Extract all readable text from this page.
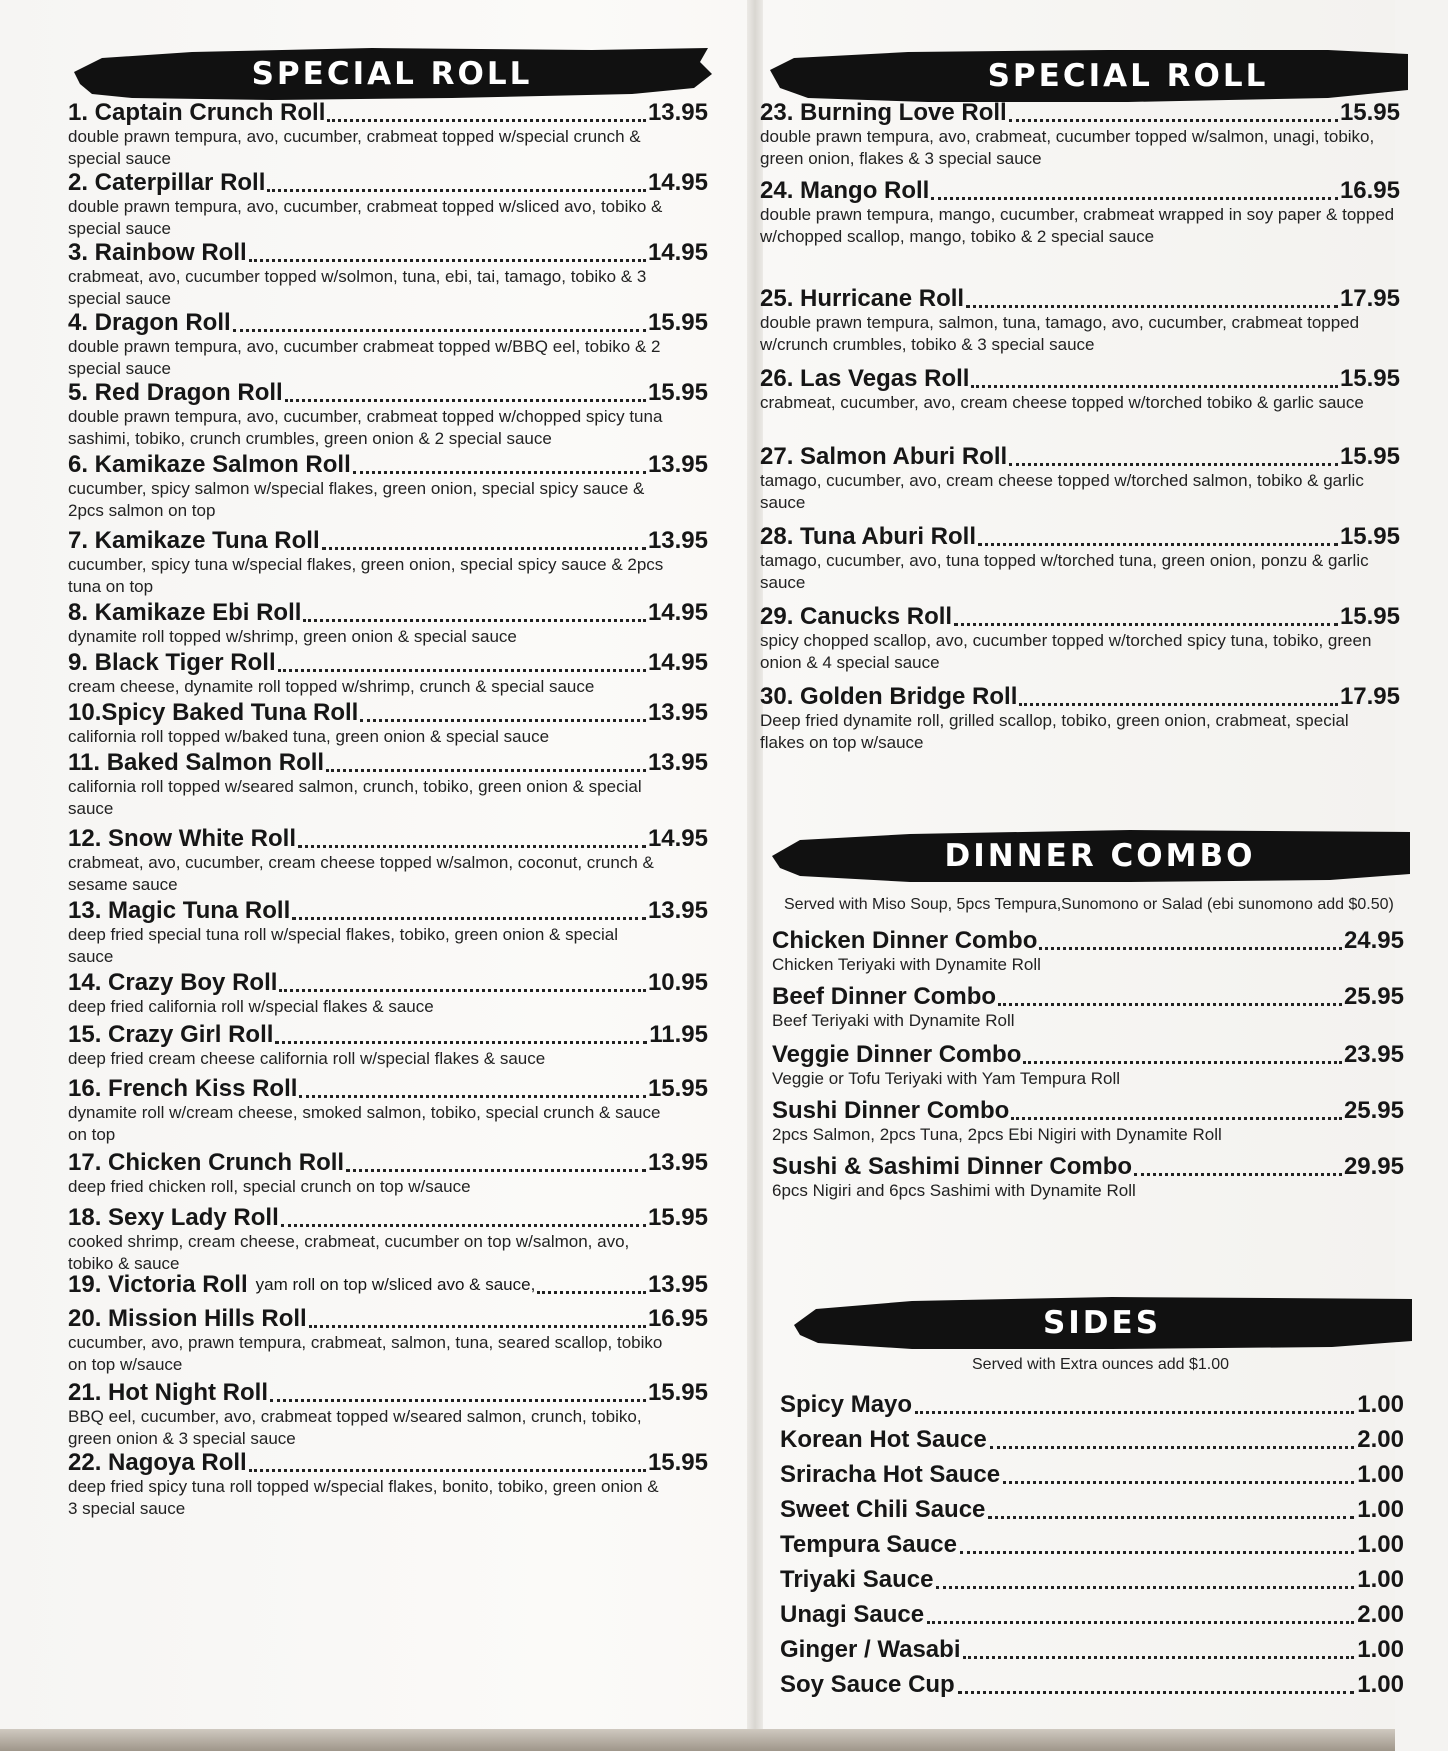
SPECIAL ROLL
1. Captain Crunch Roll	13.95
double prawn tempura, avo, cucumber, crabmeat topped w/special crunch & special sauce
2. Caterpillar Roll	14.95
double prawn tempura, avo, cucumber, crabmeat topped w/sliced avo, tobiko & special sauce
3. Rainbow Roll	14.95
crabmeat, avo, cucumber topped w/solmon, tuna, ebi, tai, tamago, tobiko & 3 special sauce
4. Dragon Roll	15.95
double prawn tempura, avo, cucumber crabmeat topped w/BBQ eel, tobiko & 2 special sauce
5. Red Dragon Roll	15.95
double prawn tempura, avo, cucumber, crabmeat topped w/chopped spicy tuna sashimi, tobiko, crunch crumbles, green onion & 2 special sauce
6. Kamikaze Salmon Roll	13.95
cucumber, spicy salmon w/special flakes, green onion, special spicy sauce & 2pcs salmon on top
7. Kamikaze Tuna Roll	13.95
cucumber, spicy tuna w/special flakes, green onion, special spicy sauce & 2pcs tuna on top
8. Kamikaze Ebi Roll	14.95
dynamite roll topped w/shrimp, green onion & special sauce
9. Black Tiger Roll	14.95
cream cheese, dynamite roll topped w/shrimp, crunch & special sauce
10.Spicy Baked Tuna Roll	13.95
california roll topped w/baked tuna, green onion & special sauce
11. Baked Salmon Roll	13.95
california roll topped w/seared salmon, crunch, tobiko, green onion & special sauce
12. Snow White Roll	14.95
crabmeat, avo, cucumber, cream cheese topped w/salmon, coconut, crunch & sesame sauce
13. Magic Tuna Roll	13.95
deep fried special tuna roll w/special flakes, tobiko, green onion & special sauce
14. Crazy Boy Roll	10.95
deep fried california roll w/special flakes & sauce
15. Crazy Girl Roll	11.95
deep fried cream cheese california roll w/special flakes & sauce
16. French Kiss Roll	15.95
dynamite roll w/cream cheese, smoked salmon, tobiko, special crunch & sauce on top
17. Chicken Crunch Roll	13.95
deep fried chicken roll, special crunch on top w/sauce
18. Sexy Lady Roll	15.95
cooked shrimp, cream cheese, crabmeat, cucumber on top w/salmon, avo, tobiko & sauce
19. Victoria Roll yam roll on top w/sliced avo & sauce,	13.95
20. Mission Hills Roll	16.95
cucumber, avo, prawn tempura, crabmeat, salmon, tuna, seared scallop, tobiko on top w/sauce
21. Hot Night Roll	15.95
BBQ eel, cucumber, avo, crabmeat topped w/seared salmon, crunch, tobiko, green onion & 3 special sauce
22. Nagoya Roll	15.95
deep fried spicy tuna roll topped w/special flakes, bonito, tobiko, green onion & 3 special sauce
SPECIAL ROLL
23. Burning Love Roll	15.95
double prawn tempura, avo, crabmeat, cucumber topped w/salmon, unagi, tobiko, green onion, flakes & 3 special sauce
24. Mango Roll	16.95
double prawn tempura, mango, cucumber, crabmeat wrapped in soy paper & topped w/chopped scallop, mango, tobiko & 2 special sauce
25. Hurricane Roll	17.95
double prawn tempura, salmon, tuna, tamago, avo, cucumber, crabmeat topped w/crunch crumbles, tobiko & 3 special sauce
26. Las Vegas Roll	15.95
crabmeat, cucumber, avo, cream cheese topped w/torched tobiko & garlic sauce
27. Salmon Aburi Roll	15.95
tamago, cucumber, avo, cream cheese topped w/torched salmon, tobiko & garlic sauce
28. Tuna Aburi Roll	15.95
tamago, cucumber, avo, tuna topped w/torched tuna, green onion, ponzu & garlic sauce
29. Canucks Roll	15.95
spicy chopped scallop, avo, cucumber topped w/torched spicy tuna, tobiko, green onion & 4 special sauce
30. Golden Bridge Roll	17.95
Deep fried dynamite roll, grilled scallop, tobiko, green onion, crabmeat, special flakes on top w/sauce
DINNER COMBO
Served with Miso Soup, 5pcs Tempura,Sunomono or Salad (ebi sunomono add $0.50)
Chicken Dinner Combo	24.95
Chicken Teriyaki with Dynamite Roll
Beef Dinner Combo	25.95
Beef Teriyaki with Dynamite Roll
Veggie Dinner Combo	23.95
Veggie or Tofu Teriyaki with Yam Tempura Roll
Sushi Dinner Combo	25.95
2pcs Salmon, 2pcs Tuna, 2pcs Ebi Nigiri with Dynamite Roll
Sushi & Sashimi Dinner Combo	29.95
6pcs Nigiri and 6pcs Sashimi with Dynamite Roll
SIDES
Served with Extra ounces add $1.00
Spicy Mayo	1.00
Korean Hot Sauce	2.00
Sriracha Hot Sauce	1.00
Sweet Chili Sauce	1.00
Tempura Sauce	1.00
Triyaki Sauce	1.00
Unagi Sauce	2.00
Ginger / Wasabi	1.00
Soy Sauce Cup	1.00
